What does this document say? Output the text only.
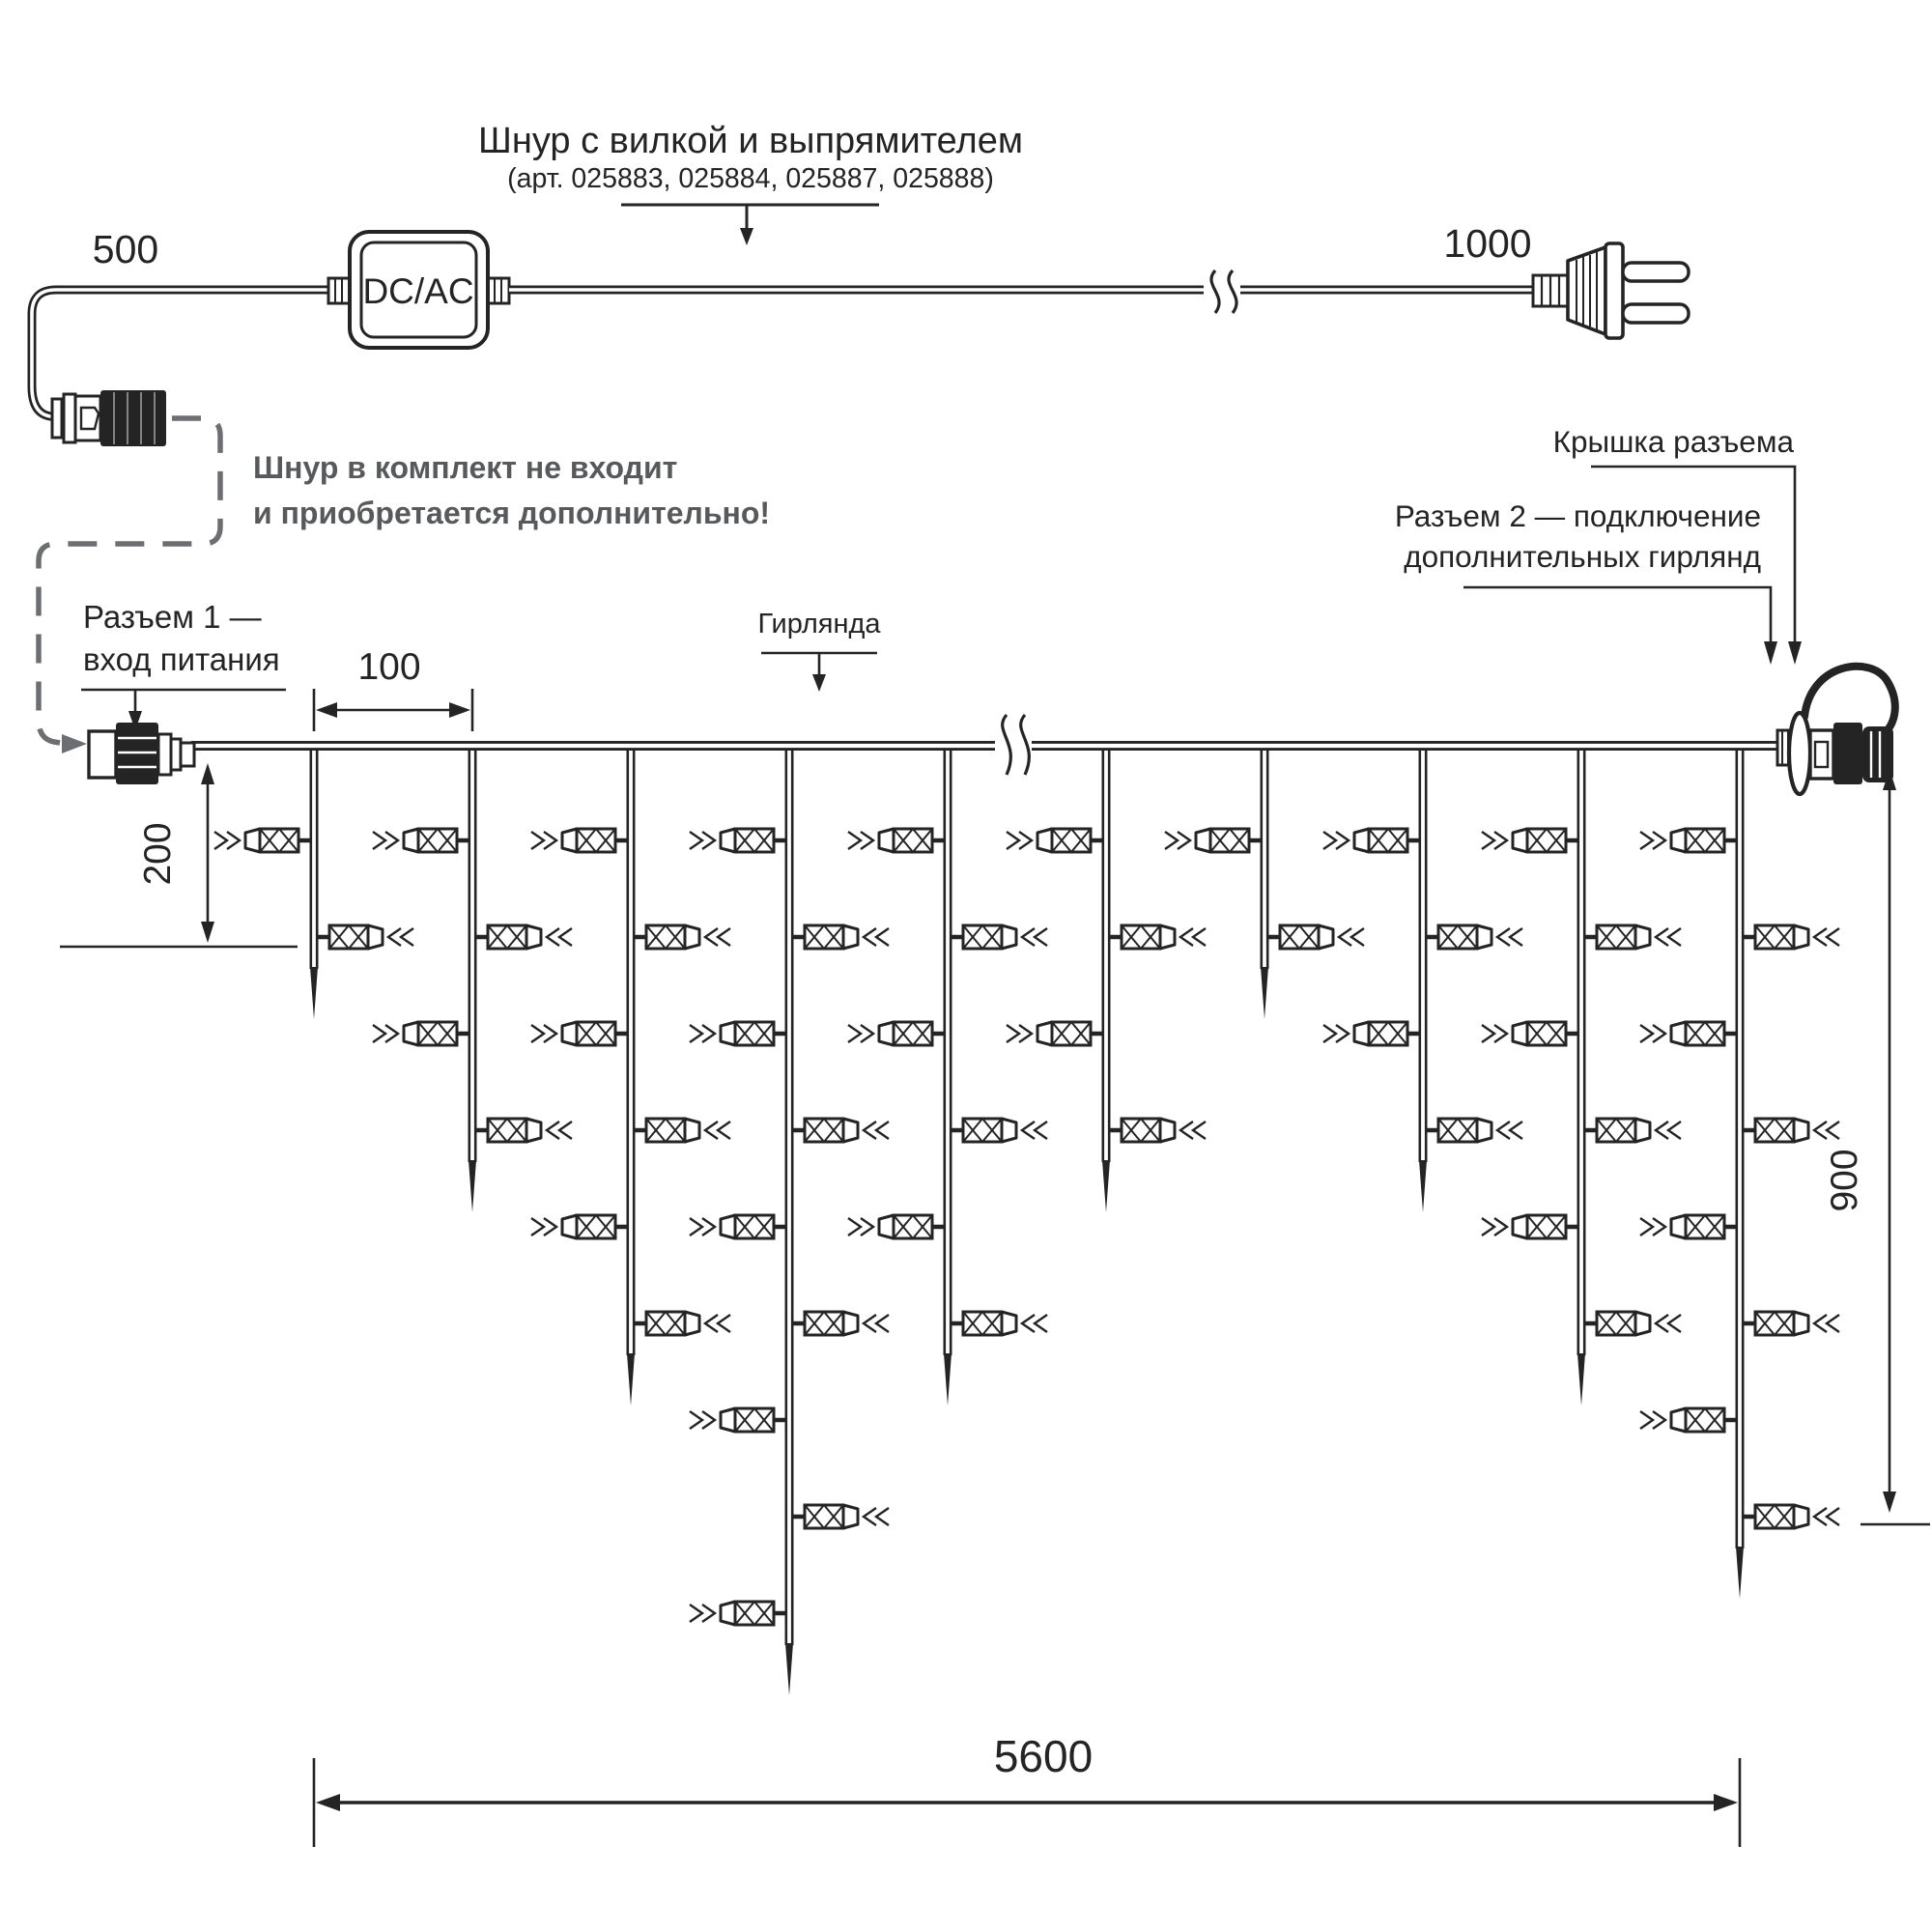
DC/AC
500	1000
Шнур с вилкой и выпрямителем
(арт. 025883, 025884, 025887, 025888)
Шнур в комплект не входит
и приобретается дополнительно!
Разъем 1 —
вход питания
Гирлянда
Крышка разъема
Разъем 2 — подключение
дополнительных гирлянд
100
200
900
5600
